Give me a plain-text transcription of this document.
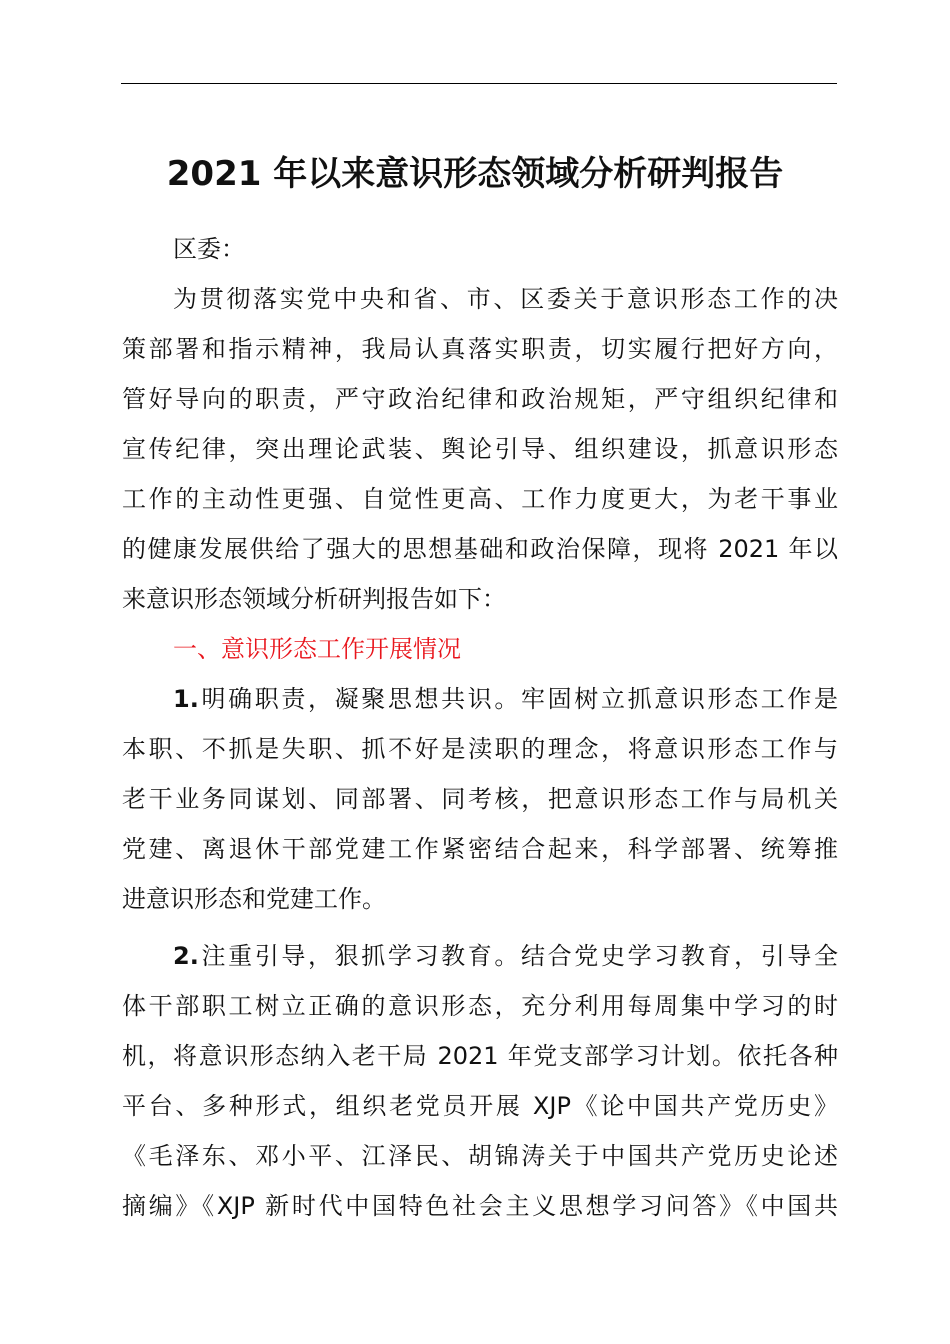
2021 年以来意识形态领域分析研判报告
区委：
为贯彻落实党中央和省、市、区委关于意识形态工作的决
策部署和指示精神，我局认真落实职责，切实履行把好方向，
管好导向的职责，严守政治纪律和政治规矩，严守组织纪律和
宣传纪律，突出理论武装、舆论引导、组织建设，抓意识形态
工作的主动性更强、自觉性更高、工作力度更大，为老干事业
的健康发展供给了强大的思想基础和政治保障，现将 2021 年以
来意识形态领域分析研判报告如下：
一、意识形态工作开展情况
1.明确职责，凝聚思想共识。牢固树立抓意识形态工作是
本职、不抓是失职、抓不好是渎职的理念，将意识形态工作与
老干业务同谋划、同部署、同考核，把意识形态工作与局机关
党建、离退休干部党建工作紧密结合起来，科学部署、统筹推
进意识形态和党建工作。
2.注重引导，狠抓学习教育。结合党史学习教育，引导全
体干部职工树立正确的意识形态，充分利用每周集中学习的时
机，将意识形态纳入老干局 2021 年党支部学习计划。依托各种
平台、多种形式，组织老党员开展 XJP《论中国共产党历史》
《毛泽东、邓小平、江泽民、胡锦涛关于中国共产党历史论述
摘编》《XJP 新时代中国特色社会主义思想学习问答》《中国共
